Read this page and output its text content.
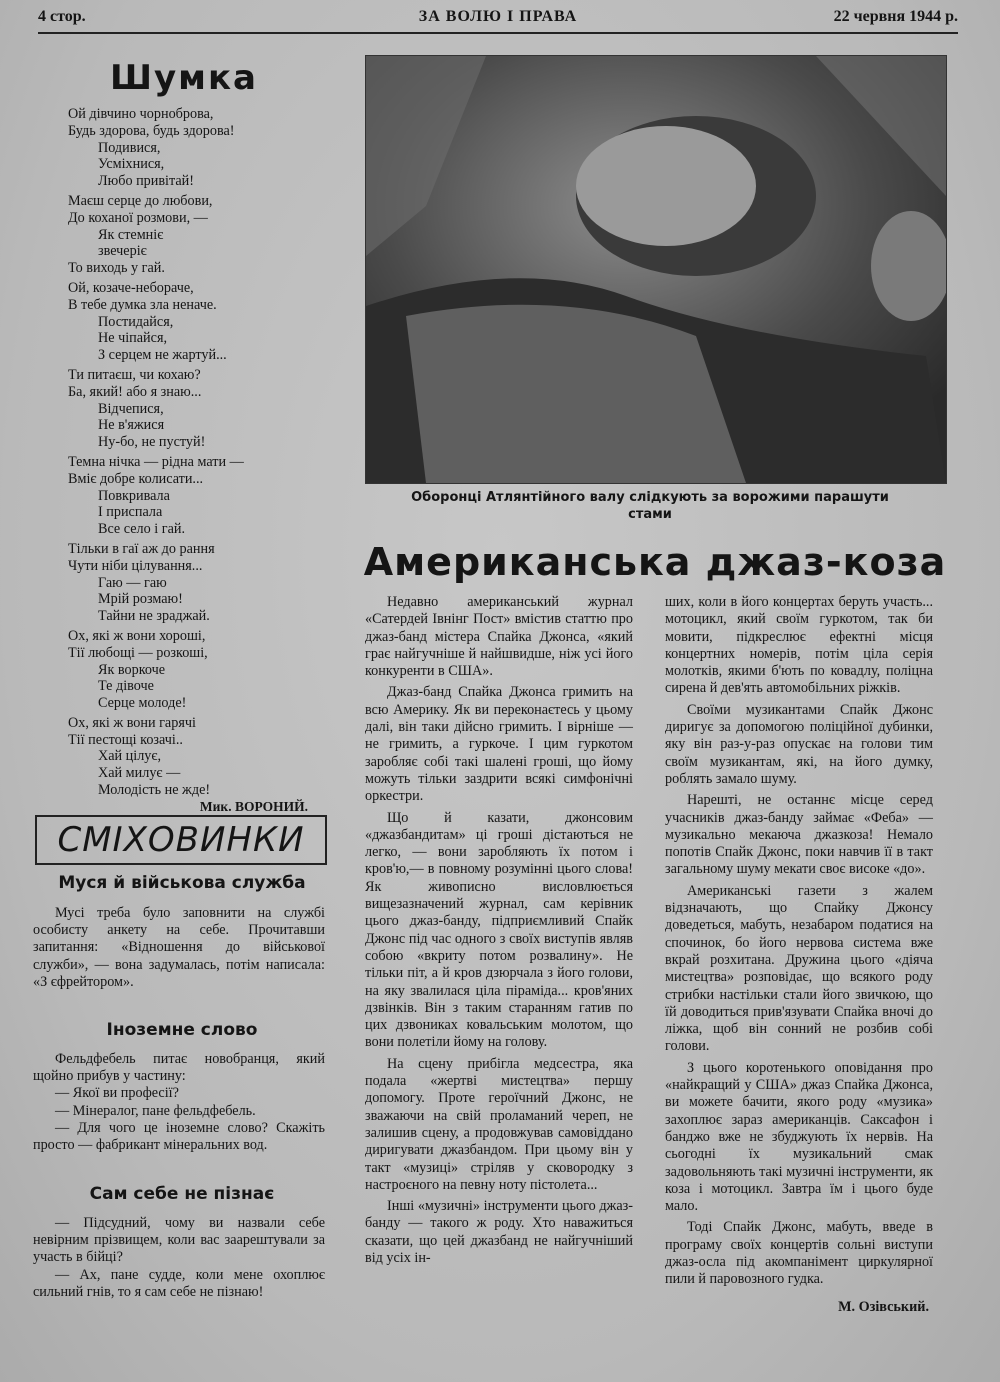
4 стор.	ЗА ВОЛЮ І ПРАВА	22 червня 1944 р.
Шумка
Ой дівчино чорноброва,
Будь здорова, будь здорова!
Подивися,
Усміхнися,
Любо привітай!
Маєш серце до любови,
До коханої розмови, —
Як стемніє
звечеріє
То виходь у гай.
Ой, козаче-небораче,
В тебе думка зла неначе.
Постидайся,
Не чіпайся,
З серцем не жартуй...
Ти питаєш, чи кохаю?
Ба, який! або я знаю...
Відчепися,
Не в'яжися
Ну-бо, не пустуй!
Темна нічка — рідна мати —
Вміє добре колисати...
Повкривала
І приспала
Все село і гай.
Тільки в гаї аж до рання
Чути ніби цілування...
Гаю — гаю
Мрій розмаю!
Тайни не зраджай.
Ох, які ж вони хороші,
Тії любощі — розкоші,
Як воркоче
Те дівоче
Серце молоде!
Ох, які ж вони гарячі
Тії пестощі козачі..
Хай цілує,
Хай милує —
Молодість не жде!
Мик. ВОРОНИЙ.
СМІХОВИНКИ
Муся й військова служба

Мусі треба було заповнити на службі особисту анкету на себе. Прочитавши запитання: «Відношення до військової служби», — вона задумалась, потім написала: «З єфрейтором».

Іноземне слово

Фельдфебель питає новобранця, який щойно прибув у частину:

— Якої ви професії?

— Мінералог, пане фельдфебель.

— Для чого це іноземне слово? Скажіть просто — фабрикант мінеральних вод.

Сам себе не пізнає

— Підсудний, чому ви назвали себе невірним прізвищем, коли вас заарештували за участь в бійці?

— Ах, пане судде, коли мене охоплює сильний гнів, то я сам себе не пізнаю!

Оборонці Атлянтійного валу слідкують за ворожими парашути стами
Американська джаз-коза

Недавно американський журнал «Сатердей Івнінг Пост» вмістив статтю про джаз-банд містера Спайка Джонса, «який грає найгучніше й найшвидше, ніж усі його конкуренти в США».

Джаз-банд Спайка Джонса гримить на всю Америку. Як ви переконаєтесь у цьому далі, він таки дійсно гримить. І вірніше — не гримить, а гуркоче. І цим гуркотом заробляє собі такі шалені гроші, що йому можуть тільки заздрити всякі симфонічні оркестри.

Що й казати, джонсовим «джазбандитам» ці гроші дістаються не легко, — вони заробляють їх потом і кров'ю,— в повному розумінні цього слова! Як живописно висловлюється вищезазначений журнал, сам керівник цього джаз-банду, підприємливий Спайк Джонс під час одного з своїх виступів являв собою «вкриту потом розвалину». Не тільки піт, а й кров дзюрчала з його голови, на яку звалилася ціла піраміда... кров'яних дзвінків. Він з таким старанням гатив по цих дзвониках ковальським молотом, що вони полетіли йому на голову.

На сцену прибігла медсестра, яка подала «жертві мистецтва» першу допомогу. Проте героїчний Джонс, не зважаючи на свій проламаний череп, не залишив сцену, а продовжував самовіддано диригувати джазбандом. При цьому він у такт «музиці» стріляв у сковородку з настроєного на певну ноту пістолета...

Інші «музичні» інструменти цього джаз-банду — такого ж роду. Хто наважиться сказати, що цей джазбанд не найгучніший від усіх ін-

ших, коли в його концертах беруть участь... мотоцикл, який своїм гуркотом, так би мовити, підкреслює ефектні місця концертних номерів, потім ціла серія молотків, якими б'ють по ковадлу, поліцна сирена й дев'ять автомобільних ріжків.

Своїми музикантами Спайк Джонс диригує за допомогою поліційної дубинки, яку він раз-у-раз опускає на голови тим своїм музикантам, які, на його думку, роблять замало шуму.

Нарешті, не останнє місце серед учасників джаз-банду займає «Феба» — музикально мекаюча джазкоза! Немало попотів Спайк Джонс, поки навчив її в такт загальному шуму мекати своє високе «до».

Американські газети з жалем відзначають, що Спайку Джонсу доведеться, мабуть, незабаром податися на спочинок, бо його нервова система вже вкрай розхитана. Дружина цього «діяча мистецтва» розповідає, що всякого роду стрибки настільки стали його звичкою, що їй доводиться прив'язувати Спайка вночі до ліжка, щоб він сонний не розбив собі голови.

З цього коротенького оповідання про «найкращий у США» джаз Спайка Джонса, ви можете бачити, якого роду «музика» захоплює зараз американців. Саксафон і банджо вже не збуджують їх нервів. На сьогодні їх музикальний смак задовольняють такі музичні інструменти, як коза і мотоцикл. Завтра їм і цього буде мало.

Тоді Спайк Джонс, мабуть, введе в програму своїх концертів сольні виступи джаз-осла під акомпанімент циркулярної пили й паровозного гудка.

М. Озівський.
